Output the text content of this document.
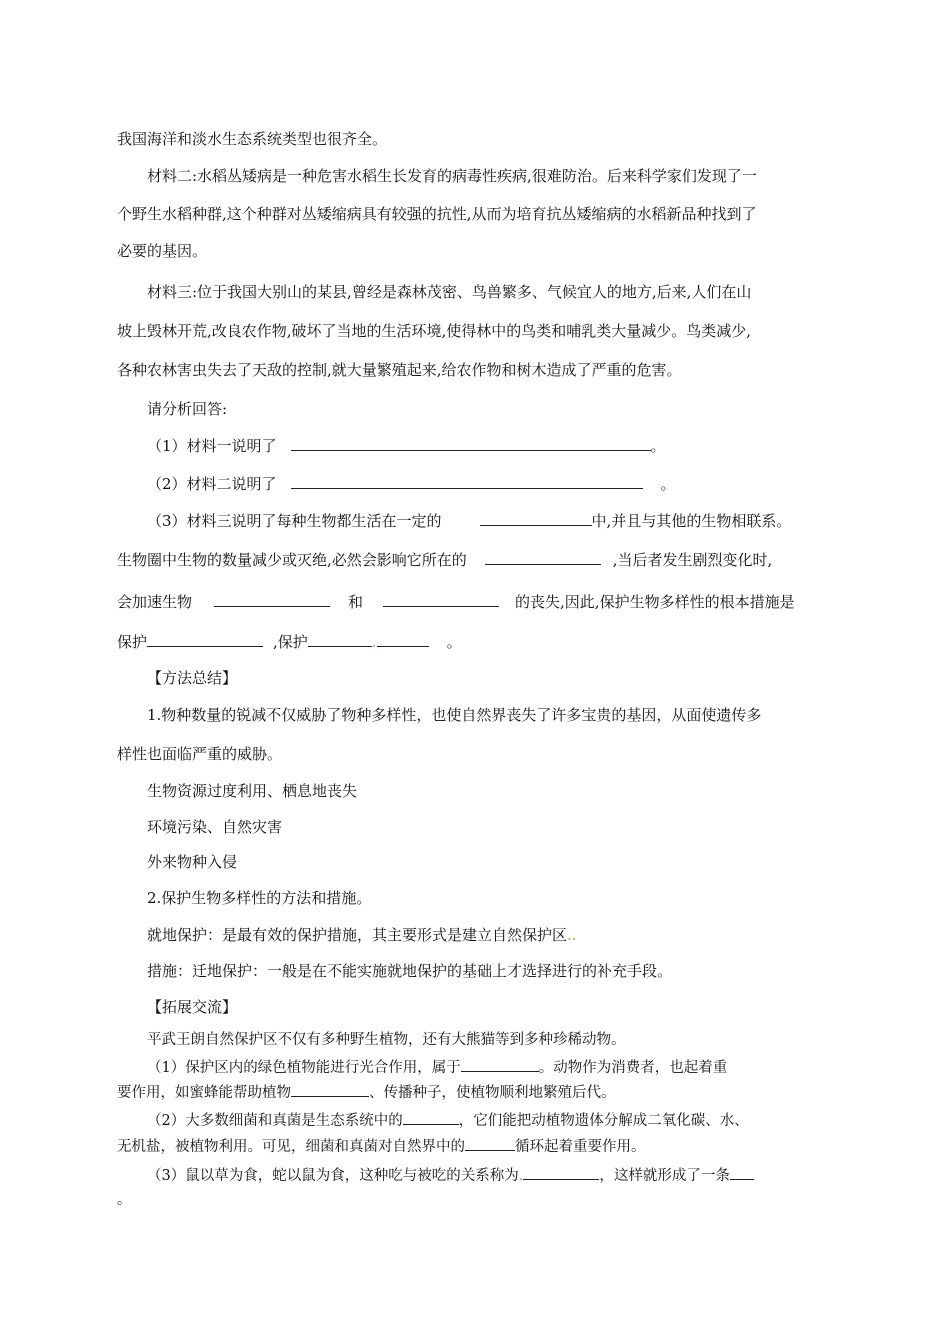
我国海洋和淡水生态系统类型也很齐全。
材料二:水稻丛矮病是一种危害水稻生长发育的病毒性疾病,很难防治。后来科学家们发现了一
个野生水稻种群,这个种群对丛矮缩病具有较强的抗性,从而为培育抗丛矮缩病的水稻新品种找到了
必要的基因。
材料三:位于我国大别山的某县,曾经是森林茂密、鸟兽繁多、气候宜人的地方,后来,人们在山
坡上毁林开荒,改良农作物,破坏了当地的生活环境,使得林中的鸟类和哺乳类大量减少。鸟类减少,
各种农林害虫失去了天敌的控制,就大量繁殖起来,给农作物和树木造成了严重的危害。
请分析回答:
（1）材料一说明了	。
（2）材料二说明了	。
（3）材料三说明了每种生物都生活在一定的	中,并且与其他的生物相联系。
生物圈中生物的数量减少或灭绝,必然会影响它所在的	,当后者发生剧烈变化时,
会加速生物	和	的丧失,因此,保护生物多样性的根本措施是
保护	,保护	.	。
【方法总结】
1.物种数量的锐减不仅威胁了物种多样性，也使自然界丧失了许多宝贵的基因，从面使遗传多
样性也面临严重的威胁。
生物资源过度利用、栖息地丧失
环境污染、自然灾害
外来物种入侵
2.保护生物多样性的方法和措施。
就地保护：是最有效的保护措施，其主要形式是建立自然保护区..
措施：迁地保护：一般是在不能实施就地保护的基础上才选择进行的补充手段。
【拓展交流】
平武王朗自然保护区不仅有多种野生植物，还有大熊猫等到多种珍稀动物。
（1）保护区内的绿色植物能进行光合作用，属于	。动物作为消费者，也起着重
要作用，如蜜蜂能帮助植物	、传播种子，使植物顺利地繁殖后代。
（2）大多数细菌和真菌是生态系统中的	，它们能把动植物遗体分解成二氧化碳、水、
无机盐，被植物利用。可见，细菌和真菌对自然界中的	循环起着重要作用。
（3）鼠以草为食，蛇以鼠为食，这种吃与被吃的关系称为.	，这样就形成了一条
。
